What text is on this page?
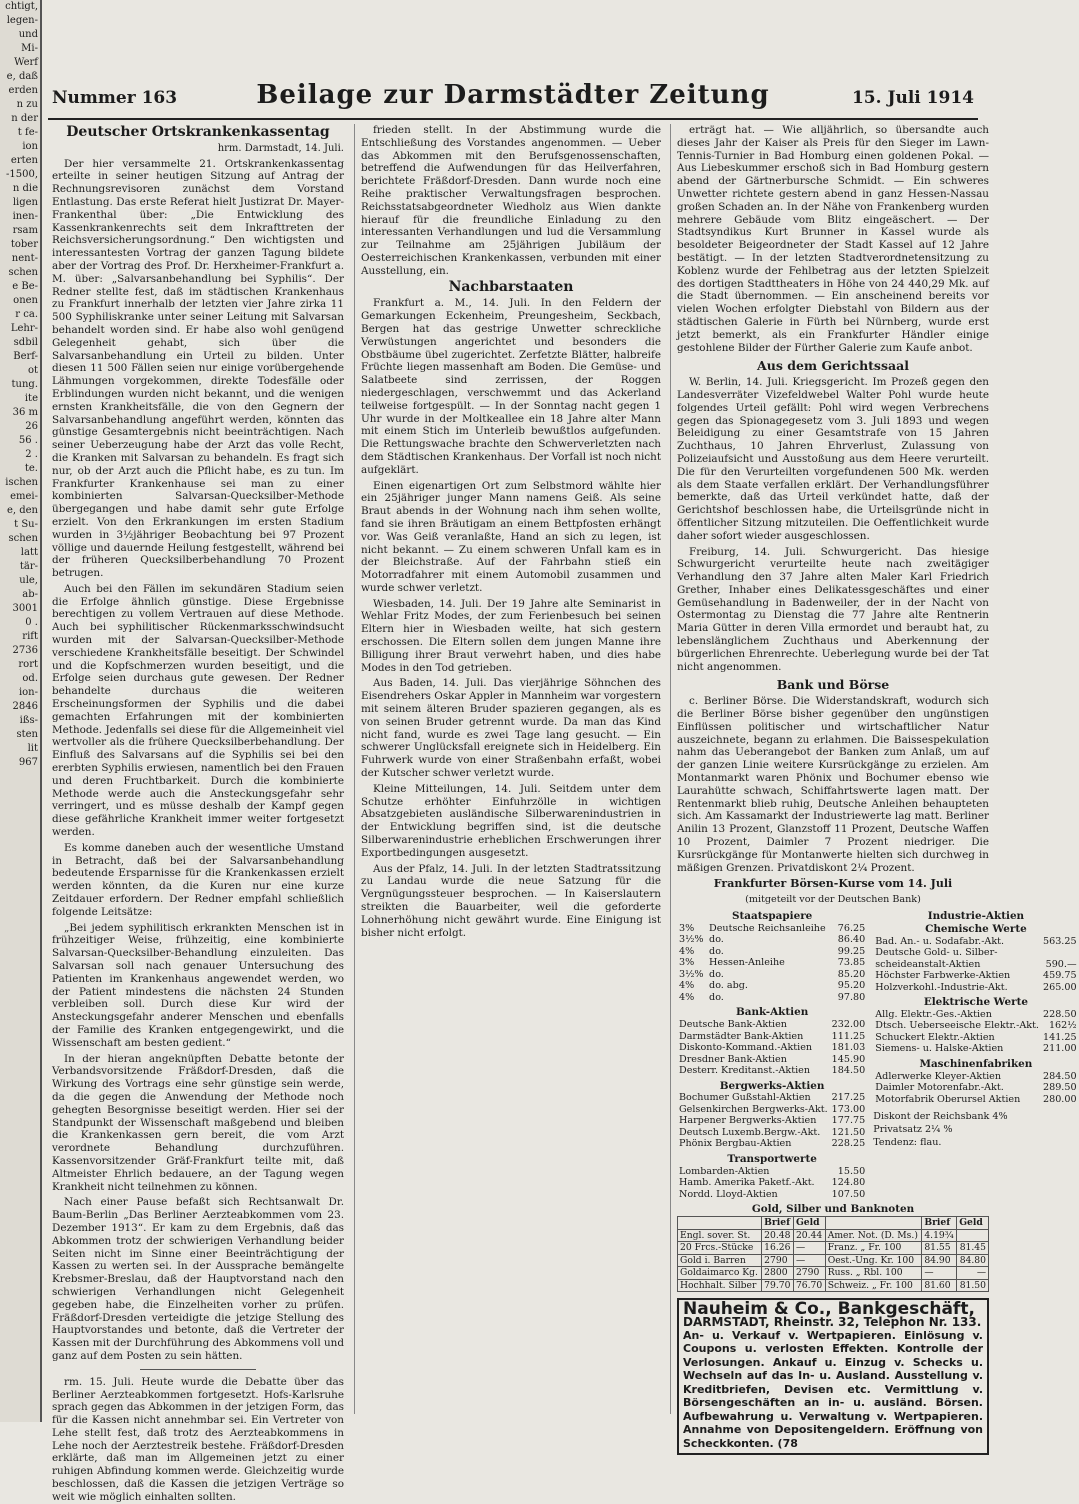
chtigt,
legen-
und
Mi-
Werf
e, daß
erden
n zu
n der
t fe-
ion
erten
-1500,
n die
ligen
inen-
rsam
tober
nent-
schen
e Be-
onen
r ca.
Lehr-
sdbil
Berf-
ot
tung.
ite
36 m
26
56 .
2 .
te.
ischen
emei-
e, den
t Su-
schen
latt
tär-
ule,
ab-
3001
0 .
rift
2736
rort
od.
ion-
2846
ißs-
sten
lit
967
Nummer 163	Beilage zur Darmstädter Zeitung	15. Juli 1914
Deutscher Ortskrankenkassentag
hrm. Darmstadt, 14. Juli.

Der hier versammelte 21. Ortskrankenkassentag erteilte in seiner heutigen Sitzung auf Antrag der Rechnungsrevisoren zunächst dem Vorstand Entlastung. Das erste Referat hielt Justizrat Dr. Mayer-Frankenthal über: „Die Entwicklung des Kassenkrankenrechts seit dem Inkrafttreten der Reichsversicherungsordnung.“ Den wichtigsten und interessantesten Vortrag der ganzen Tagung bildete aber der Vortrag des Prof. Dr. Herxheimer-Frankfurt a. M. über: „Salvarsanbehandlung bei Syphilis“. Der Redner stellte fest, daß im städtischen Krankenhaus zu Frankfurt innerhalb der letzten vier Jahre zirka 11 500 Syphiliskranke unter seiner Leitung mit Salvarsan behandelt worden sind. Er habe also wohl genügend Gelegenheit gehabt, sich über die Salvarsanbehandlung ein Urteil zu bilden. Unter diesen 11 500 Fällen seien nur einige vorübergehende Lähmungen vorgekommen, direkte Todesfälle oder Erblindungen wurden nicht bekannt, und die wenigen ernsten Krankheitsfälle, die von den Gegnern der Salvarsanbehandlung angeführt werden, könnten das günstige Gesamtergebnis nicht beeinträchtigen. Nach seiner Ueberzeugung habe der Arzt das volle Recht, die Kranken mit Salvarsan zu behandeln. Es fragt sich nur, ob der Arzt auch die Pflicht habe, es zu tun. Im Frankfurter Krankenhause sei man zu einer kombinierten Salvarsan-Quecksilber-Methode übergegangen und habe damit sehr gute Erfolge erzielt. Von den Erkrankungen im ersten Stadium wurden in 3½jähriger Beobachtung bei 97 Prozent völlige und dauernde Heilung festgestellt, während bei der früheren Quecksilberbehandlung 70 Prozent betrugen.

Auch bei den Fällen im sekundären Stadium seien die Erfolge ähnlich günstige. Diese Ergebnisse berechtigen zu vollem Vertrauen auf diese Methode. Auch bei syphilitischer Rückenmarksschwindsucht wurden mit der Salvarsan-Quecksilber-Methode verschiedene Krankheitsfälle beseitigt. Der Schwindel und die Kopfschmerzen wurden beseitigt, und die Erfolge seien durchaus gute gewesen. Der Redner behandelte durchaus die weiteren Erscheinungsformen der Syphilis und die dabei gemachten Erfahrungen mit der kombinierten Methode. Jedenfalls sei diese für die Allgemeinheit viel wertvoller als die frühere Quecksilberbehandlung. Der Einfluß des Salvarsans auf die Syphilis sei bei den ererbten Syphilis erwiesen, namentlich bei den Frauen und deren Fruchtbarkeit. Durch die kombinierte Methode werde auch die Ansteckungsgefahr sehr verringert, und es müsse deshalb der Kampf gegen diese gefährliche Krankheit immer weiter fortgesetzt werden.

Es komme daneben auch der wesentliche Umstand in Betracht, daß bei der Salvarsanbehandlung bedeutende Ersparnisse für die Krankenkassen erzielt werden könnten, da die Kuren nur eine kurze Zeitdauer erfordern. Der Redner empfahl schließlich folgende Leitsätze:

„Bei jedem syphilitisch erkrankten Menschen ist in frühzeitiger Weise, frühzeitig, eine kombinierte Salvarsan-Quecksilber-Behandlung einzuleiten. Das Salvarsan soll nach genauer Untersuchung des Patienten im Krankenhaus angewendet werden, wo der Patient mindestens die nächsten 24 Stunden verbleiben soll. Durch diese Kur wird der Ansteckungsgefahr anderer Menschen und ebenfalls der Familie des Kranken entgegengewirkt, und die Wissenschaft am besten gedient.“

In der hieran angeknüpften Debatte betonte der Verbandsvorsitzende Fräßdorf-Dresden, daß die Wirkung des Vortrags eine sehr günstige sein werde, da die gegen die Anwendung der Methode noch gehegten Besorgnisse beseitigt werden. Hier sei der Standpunkt der Wissenschaft maßgebend und bleiben die Krankenkassen gern bereit, die vom Arzt verordnete Behandlung durchzuführen. Kassenvorsitzender Gräf-Frankfurt teilte mit, daß Altmeister Ehrlich bedauere, an der Tagung wegen Krankheit nicht teilnehmen zu können.

Nach einer Pause befaßt sich Rechtsanwalt Dr. Baum-Berlin „Das Berliner Aerzteabkommen vom 23. Dezember 1913“. Er kam zu dem Ergebnis, daß das Abkommen trotz der schwierigen Verhandlung beider Seiten nicht im Sinne einer Beeinträchtigung der Kassen zu werten sei. In der Aussprache bemängelte Krebsmer-Breslau, daß der Hauptvorstand nach den schwierigen Verhandlungen nicht Gelegenheit gegeben habe, die Einzelheiten vorher zu prüfen. Fräßdorf-Dresden verteidigte die jetzige Stellung des Hauptvorstandes und betonte, daß die Vertreter der Kassen mit der Durchführung des Abkommens voll und ganz auf dem Posten zu sein hätten.

rm. 15. Juli. Heute wurde die Debatte über das Berliner Aerzteabkommen fortgesetzt. Hofs-Karlsruhe sprach gegen das Abkommen in der jetzigen Form, das für die Kassen nicht annehmbar sei. Ein Vertreter von Lehe stellt fest, daß trotz des Aerzteabkommens in Lehe noch der Aerztestreik bestehe. Fräßdorf-Dresden erklärte, daß man im Allgemeinen jetzt zu einer ruhigen Abfindung kommen werde. Gleichzeitig wurde beschlossen, daß die Kassen die jetzigen Verträge so weit wie möglich einhalten sollten.

frieden stellt. In der Abstimmung wurde die Entschließung des Vorstandes angenommen. — Ueber das Abkommen mit den Berufsgenossenschaften, betreffend die Aufwendungen für das Heilverfahren, berichtete Fräßdorf-Dresden. Dann wurde noch eine Reihe praktischer Verwaltungsfragen besprochen. Reichsstatsabgeordneter Wiedholz aus Wien dankte hierauf für die freundliche Einladung zu den interessanten Verhandlungen und lud die Versammlung zur Teilnahme am 25jährigen Jubiläum der Oesterreichischen Krankenkassen, verbunden mit einer Ausstellung, ein.

Nachbarstaaten

Frankfurt a. M., 14. Juli. In den Feldern der Gemarkungen Eckenheim, Preungesheim, Seckbach, Bergen hat das gestrige Unwetter schreckliche Verwüstungen angerichtet und besonders die Obstbäume übel zugerichtet. Zerfetzte Blätter, halbreife Früchte liegen massenhaft am Boden. Die Gemüse- und Salatbeete sind zerrissen, der Roggen niedergeschlagen, verschwemmt und das Ackerland teilweise fortgespült. — In der Sonntag nacht gegen 1 Uhr wurde in der Moltkeallee ein 18 Jahre alter Mann mit einem Stich im Unterleib bewußtlos aufgefunden. Die Rettungswache brachte den Schwerverletzten nach dem Städtischen Krankenhaus. Der Vorfall ist noch nicht aufgeklärt.

Einen eigenartigen Ort zum Selbstmord wählte hier ein 25jähriger junger Mann namens Geiß. Als seine Braut abends in der Wohnung nach ihm sehen wollte, fand sie ihren Bräutigam an einem Bettpfosten erhängt vor. Was Geiß veranlaßte, Hand an sich zu legen, ist nicht bekannt. — Zu einem schweren Unfall kam es in der Bleichstraße. Auf der Fahrbahn stieß ein Motorradfahrer mit einem Automobil zusammen und wurde schwer verletzt.

Wiesbaden, 14. Juli. Der 19 Jahre alte Seminarist in Wehlar Fritz Modes, der zum Ferienbesuch bei seinen Eltern hier in Wiesbaden weilte, hat sich gestern erschossen. Die Eltern sollen dem jungen Manne ihre Billigung ihrer Braut verwehrt haben, und dies habe Modes in den Tod getrieben.

Aus Baden, 14. Juli. Das vierjährige Söhnchen des Eisendrehers Oskar Appler in Mannheim war vorgestern mit seinem älteren Bruder spazieren gegangen, als es von seinen Bruder getrennt wurde. Da man das Kind nicht fand, wurde es zwei Tage lang gesucht. — Ein schwerer Unglücksfall ereignete sich in Heidelberg. Ein Fuhrwerk wurde von einer Straßenbahn erfaßt, wobei der Kutscher schwer verletzt wurde.

Kleine Mitteilungen, 14. Juli. Seitdem unter dem Schutze erhöhter Einfuhrzölle in wichtigen Absatzgebieten ausländische Silberwarenindustrien in der Entwicklung begriffen sind, ist die deutsche Silberwarenindustrie erheblichen Erschwerungen ihrer Exportbedingungen ausgesetzt.

Aus der Pfalz, 14. Juli. In der letzten Stadtratssitzung zu Landau wurde die neue Satzung für die Vergnügungssteuer besprochen. — In Kaiserslautern streikten die Bauarbeiter, weil die geforderte Lohnerhöhung nicht gewährt wurde. Eine Einigung ist bisher nicht erfolgt.

erträgt hat. — Wie alljährlich, so übersandte auch dieses Jahr der Kaiser als Preis für den Sieger im Lawn-Tennis-Turnier in Bad Homburg einen goldenen Pokal. — Aus Liebeskummer erschoß sich in Bad Homburg gestern abend der Gärtnerbursche Schmidt. — Ein schweres Unwetter richtete gestern abend in ganz Hessen-Nassau großen Schaden an. In der Nähe von Frankenberg wurden mehrere Gebäude vom Blitz eingeäschert. — Der Stadtsyndikus Kurt Brunner in Kassel wurde als besoldeter Beigeordneter der Stadt Kassel auf 12 Jahre bestätigt. — In der letzten Stadtverordnetensitzung zu Koblenz wurde der Fehlbetrag aus der letzten Spielzeit des dortigen Stadttheaters in Höhe von 24 440,29 Mk. auf die Stadt übernommen. — Ein anscheinend bereits vor vielen Wochen erfolgter Diebstahl von Bildern aus der städtischen Galerie in Fürth bei Nürnberg, wurde erst jetzt bemerkt, als ein Frankfurter Händler einige gestohlene Bilder der Fürther Galerie zum Kaufe anbot.

Aus dem Gerichtssaal

W. Berlin, 14. Juli. Kriegsgericht. Im Prozeß gegen den Landesverräter Vizefeldwebel Walter Pohl wurde heute folgendes Urteil gefällt: Pohl wird wegen Verbrechens gegen das Spionagegesetz vom 3. Juli 1893 und wegen Beleidigung zu einer Gesamtstrafe von 15 Jahren Zuchthaus, 10 Jahren Ehrverlust, Zulassung von Polizeiaufsicht und Ausstoßung aus dem Heere verurteilt. Die für den Verurteilten vorgefundenen 500 Mk. werden als dem Staate verfallen erklärt. Der Verhandlungsführer bemerkte, daß das Urteil verkündet hatte, daß der Gerichtshof beschlossen habe, die Urteilsgründe nicht in öffentlicher Sitzung mitzuteilen. Die Oeffentlichkeit wurde daher sofort wieder ausgeschlossen.

Freiburg, 14. Juli. Schwurgericht. Das hiesige Schwurgericht verurteilte heute nach zweitägiger Verhandlung den 37 Jahre alten Maler Karl Friedrich Grether, Inhaber eines Delikatessgeschäftes und einer Gemüsehandlung in Badenweiler, der in der Nacht von Ostermontag zu Dienstag die 77 Jahre alte Rentnerin Maria Gütter in deren Villa ermordet und beraubt hat, zu lebenslänglichem Zuchthaus und Aberkennung der bürgerlichen Ehrenrechte. Ueberlegung wurde bei der Tat nicht angenommen.

Bank und Börse

c. Berliner Börse. Die Widerstandskraft, wodurch sich die Berliner Börse bisher gegenüber den ungünstigen Einflüssen politischer und wirtschaftlicher Natur auszeichnete, begann zu erlahmen. Die Baissespekulation nahm das Ueberangebot der Banken zum Anlaß, um auf der ganzen Linie weitere Kursrückgänge zu erzielen. Am Montanmarkt waren Phönix und Bochumer ebenso wie Laurahütte schwach, Schiffahrtswerte lagen matt. Der Rentenmarkt blieb ruhig, Deutsche Anleihen behaupteten sich. Am Kassamarkt der Industriewerte lag matt. Berliner Anilin 13 Prozent, Glanzstoff 11 Prozent, Deutsche Waffen 10 Prozent, Daimler 7 Prozent niedriger. Die Kursrückgänge für Montanwerte hielten sich durchweg in mäßigen Grenzen. Privatdiskont 2¼ Prozent.

Frankfurter Börsen-Kurse vom 14. Juli
(mitgeteilt vor der Deutschen Bank)
Staatspapiere
3%	Deutsche Reichsanleihe	76.25
3½%	do.	86.40
4%	do.	99.25
3%	Hessen-Anleihe	73.85
3½%	do.	85.20
4%	do. abg.	95.20
4%	do.	97.80
Bank-Aktien
Deutsche Bank-Aktien	232.00
Darmstädter Bank-Aktien	111.25
Diskonto-Kommand.-Aktien	181.03
Dresdner Bank-Aktien	145.90
Desterr. Kreditanst.-Aktien	184.50
Bergwerks-Aktien
Bochumer Gußstahl-Aktien	217.25
Gelsenkirchen Bergwerks-Akt.	173.00
Harpener Bergwerks-Aktien	177.75
Deutsch Luxemb.Bergw.-Akt.	121.50
Phönix Bergbau-Aktien	228.25
Transportwerte
Lombarden-Aktien	15.50
Hamb. Amerika Paketf.-Akt.	124.80
Nordd. Lloyd-Aktien	107.50
Industrie-Aktien
Chemische Werte
Bad. An.- u. Sodafabr.-Akt.	563.25
Deutsche Gold- u. Silber-	
scheideanstalt-Aktien	590.—
Höchster Farbwerke-Aktien	459.75
Holzverkohl.-Industrie-Akt.	265.00
Elektrische Werte
Allg. Elektr.-Ges.-Aktien	228.50
Dtsch. Ueberseeische Elektr.-Akt.	162½
Schuckert Elektr.-Aktien	141.25
Siemens- u. Halske-Aktien	211.00
Maschinenfabriken
Adlerwerke Kleyer-Aktien	284.50
Daimler Motorenfabr.-Akt.	289.50
Motorfabrik Oberursel Aktien	280.00
Diskont der Reichsbank 4%
Privatsatz 2¼ %
Tendenz: flau.
Gold, Silber und Banknoten
	Brief	Geld		Brief	Geld
Engl. sover. St.	20.48	20.44	Amer. Not. (D. Ms.)	4.19¾	
20 Frcs.-Stücke	16.26	—	Franz. „ Fr. 100	81.55	81.45
Gold i. Barren	2790	—	Oest.-Ung. Kr. 100	84.90	84.80
Goldaimarco Kg.	2800	2790	Russ. „ Rbl. 100	—	—
Hochhalt. Silber	79.70	76.70	Schweiz. „ Fr. 100	81.60	81.50
Nauheim & Co., Bankgeschäft,
DARMSTADT, Rheinstr. 32, Telephon Nr. 133.
An- u. Verkauf v. Wertpapieren. Einlösung v. Coupons u. verlosten Effekten. Kontrolle der Verlosungen. Ankauf u. Einzug v. Schecks u. Wechseln auf das In- u. Ausland. Ausstellung v. Kreditbriefen, Devisen etc. Vermittlung v. Börsengeschäften an in- u. ausländ. Börsen. Aufbewahrung u. Verwaltung v. Wertpapieren. Annahme von Depositengeldern. Eröffnung von Scheckkonten. (78
